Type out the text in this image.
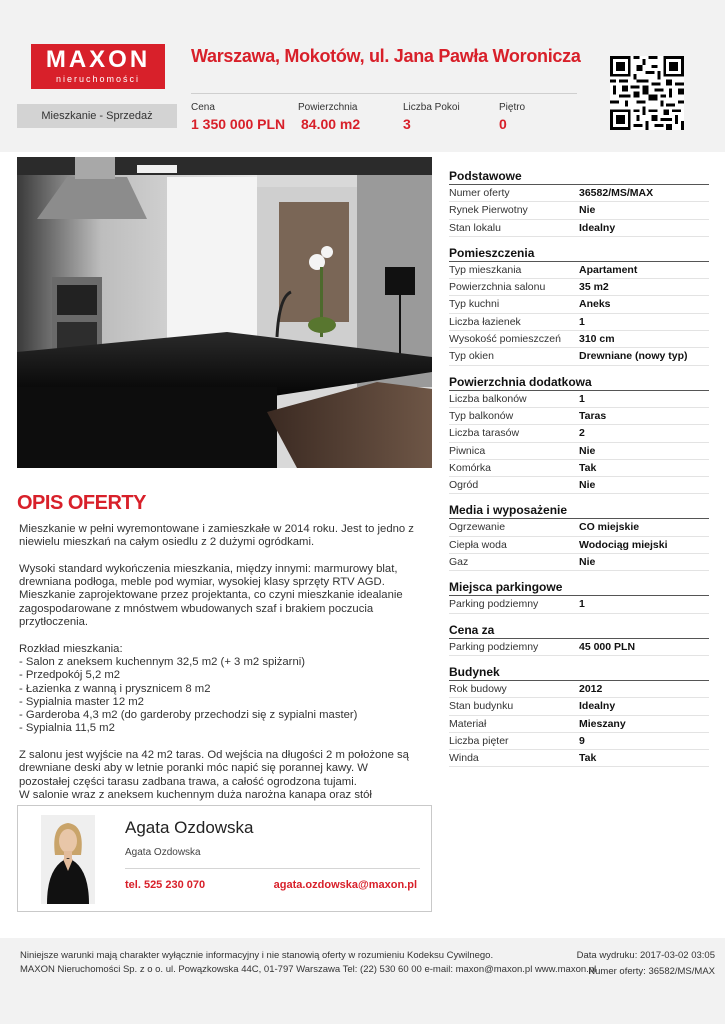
MAXON
nieruchomości
Warszawa, Mokotów, ul. Jana Pawła Woronicza
Mieszkanie - Sprzedaż
Cena
1 350 000 PLN
Powierzchnia
84.00 m2
Liczba Pokoi
3
Piętro
0
OPIS OFERTY
Mieszkanie w pełni wyremontowane i zamieszkałe w 2014 roku. Jest to jedno z niewielu mieszkań na całym osiedlu z 2 dużymi ogródkami.

Wysoki standard wykończenia mieszkania, między innymi: marmurowy blat, drewniana podłoga, meble pod wymiar, wysokiej klasy sprzęty RTV AGD. Mieszkanie zaprojektowane przez projektanta, co czyni mieszkanie idealanie zagospodarowane z mnóstwem wbudowanych szaf i brakiem poczucia przytłoczenia.

Rozkład mieszkania:
- Salon z aneksem kuchennym 32,5 m2 (+ 3 m2 spiżarni)
- Przedpokój 5,2 m2
- Łazienka z wanną i prysznicem 8 m2
- Sypialnia master 12 m2
- Garderoba 4,3 m2 (do garderoby przechodzi się z sypialni master)
- Sypialnia 11,5 m2

Z salonu jest wyjście na 42 m2 taras. Od wejścia na długości 2 m położone są drewniane deski aby w letnie poranki móc napić się porannej kawy. W pozostałej części tarasu zadbana trawa, a całość ogrodzona tujami.
W salonie wraz z aneksem kuchennym duża narożna kanapa oraz stół
Agata Ozdowska
Agata Ozdowska
tel. 525 230 070	agata.ozdowska@maxon.pl
Podstawowe
Numer oferty	36582/MS/MAX
Rynek Pierwotny	Nie
Stan lokalu	Idealny
Pomieszczenia
Typ mieszkania	Apartament
Powierzchnia salonu	35 m2
Typ kuchni	Aneks
Liczba łazienek	1
Wysokość pomieszczeń	310 cm
Typ okien	Drewniane (nowy typ)
Powierzchnia dodatkowa
Liczba balkonów	1
Typ balkonów	Taras
Liczba tarasów	2
Piwnica	Nie
Komórka	Tak
Ogród	Nie
Media i wyposażenie
Ogrzewanie	CO miejskie
Ciepła woda	Wodociąg miejski
Gaz	Nie
Miejsca parkingowe
Parking podziemny	1
Cena za
Parking podziemny	45 000 PLN
Budynek
Rok budowy	2012
Stan budynku	Idealny
Materiał	Mieszany
Liczba pięter	9
Winda	Tak
Niniejsze warunki mają charakter wyłącznie informacyjny i nie stanowią oferty w rozumieniu Kodeksu Cywilnego.
MAXON Nieruchomości Sp. z o o. ul. Powązkowska 44C, 01-797 Warszawa Tel: (22) 530 60 00 e-mail: maxon@maxon.pl www.maxon.pl
Data wydruku: 2017-03-02 03:05
Numer oferty: 36582/MS/MAX
